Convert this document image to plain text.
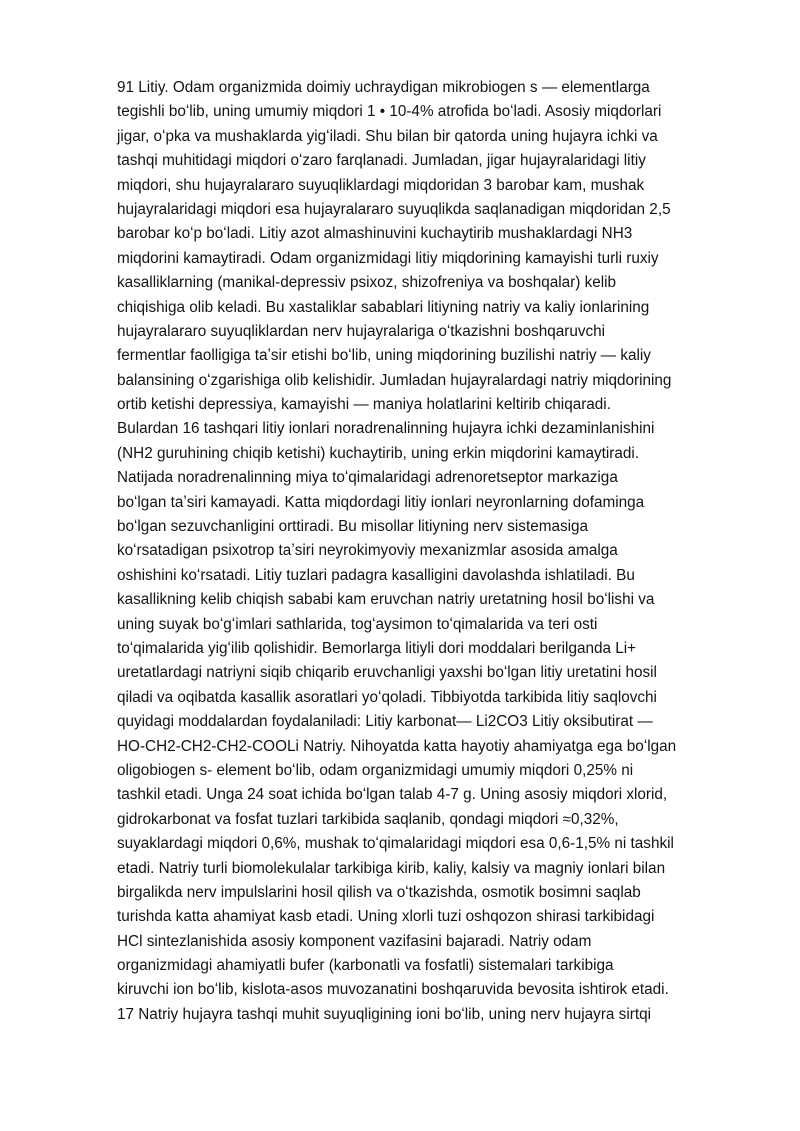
91 Litiy. Odam organizmida doimiy uchraydigan mikrobiogen s — elementlarga
tegishli boʻlib, uning umumiy miqdori 1 • 10-4% atrofida boʻladi. Asosiy miqdorlari
jigar, oʻpka va mushaklarda yigʻiladi. Shu bilan bir qatorda uning hujayra ichki va
tashqi muhitidagi miqdori oʻzaro farqlanadi. Jumladan, jigar hujayralaridagi litiy
miqdori, shu hujayralararo suyuqliklardagi miqdoridan 3 barobar kam, mushak
hujayralaridagi miqdori esa hujayralararo suyuqlikda saqlanadigan miqdoridan 2,5
barobar koʻp boʻladi. Litiy azot almashinuvini kuchaytirib mushaklardagi NH3
miqdorini kamaytiradi. Odam organizmidagi litiy miqdorining kamayishi turli ruxiy
kasalliklarning (manikal-depressiv psixoz, shizofreniya va boshqalar) kelib
chiqishiga olib keladi. Bu xastaliklar sabablari litiyning natriy va kaliy ionlarining
hujayralararo suyuqliklardan nerv hujayralariga oʻtkazishni boshqaruvchi
fermentlar faolligiga taʼsir etishi boʻlib, uning miqdorining buzilishi natriy — kaliy
balansining oʻzgarishiga olib kelishidir. Jumladan hujayralardagi natriy miqdorining
ortib ketishi depressiya, kamayishi — maniya holatlarini keltirib chiqaradi.
Bulardan 16 tashqari litiy ionlari noradrenalinning hujayra ichki dezaminlanishini
(NH2 guruhining chiqib ketishi) kuchaytirib, uning erkin miqdorini kamaytiradi.
Natijada noradrenalinning miya toʻqimalaridagi adrenoretseptor markaziga
boʻlgan taʼsiri kamayadi. Katta miqdordagi litiy ionlari neyronlarning dofaminga
boʻlgan sezuvchanligini orttiradi. Bu misollar litiyning nerv sistemasiga
koʻrsatadigan psixotrop taʼsiri neyrokimyoviy mexanizmlar asosida amalga
oshishini koʻrsatadi. Litiy tuzlari padagra kasalligini davolashda ishlatiladi. Bu
kasallikning kelib chiqish sababi kam eruvchan natriy uretatning hosil boʻlishi va
uning suyak boʻgʻimlari sathlarida, togʻaysimon toʻqimalarida va teri osti
toʻqimalarida yigʻilib qolishidir. Bemorlarga litiyli dori moddalari berilganda Li+
uretatlardagi natriyni siqib chiqarib eruvchanligi yaxshi boʻlgan litiy uretatini hosil
qiladi va oqibatda kasallik asoratlari yoʻqoladi. Tibbiyotda tarkibida litiy saqlovchi
quyidagi moddalardan foydalaniladi: Litiy karbonat— Li2CO3 Litiy oksibutirat —
HO-CH2-CH2-CH2-COOLi Natriy. Nihoyatda katta hayotiy ahamiyatga ega boʻlgan
oligobiogen s- element boʻlib, odam organizmidagi umumiy miqdori 0,25% ni
tashkil etadi. Unga 24 soat ichida boʻlgan talab 4-7 g. Uning asosiy miqdori xlorid,
gidrokarbonat va fosfat tuzlari tarkibida saqlanib, qondagi miqdori ≈0,32%,
suyaklardagi miqdori 0,6%, mushak toʻqimalaridagi miqdori esa 0,6-1,5% ni tashkil
etadi. Natriy turli biomolekulalar tarkibiga kirib, kaliy, kalsiy va magniy ionlari bilan
birgalikda nerv impulslarini hosil qilish va oʻtkazishda, osmotik bosimni saqlab
turishda katta ahamiyat kasb etadi. Uning xlorli tuzi oshqozon shirasi tarkibidagi
HCl sintezlanishida asosiy komponent vazifasini bajaradi. Natriy odam
organizmidagi ahamiyatli bufer (karbonatli va fosfatli) sistemalari tarkibiga
kiruvchi ion boʻlib, kislota-asos muvozanatini boshqaruvida bevosita ishtirok etadi.
17 Natriy hujayra tashqi muhit suyuqligining ioni boʻlib, uning nerv hujayra sirtqi
